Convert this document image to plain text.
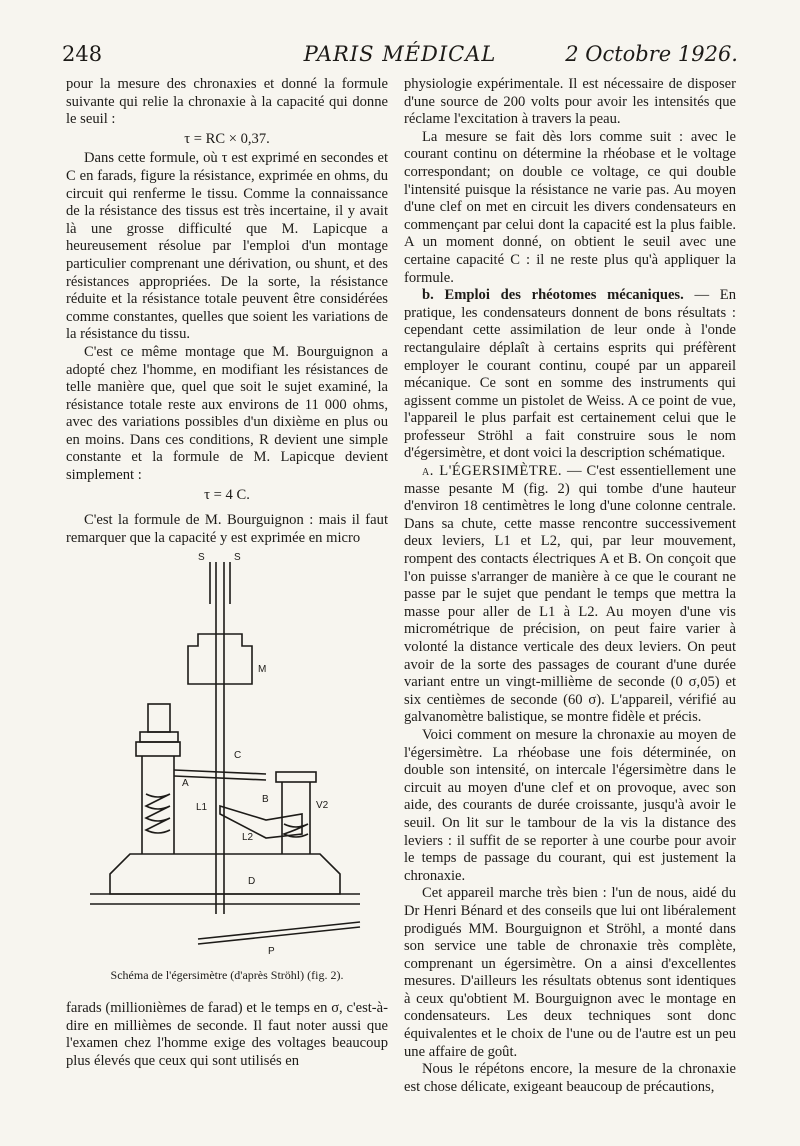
248	PARIS MÉDICAL	2 Octobre 1926.

pour la mesure des chronaxies et donné la formule suivante qui relie la chronaxie à la capacité qui donne le seuil :

τ = RC × 0,37.

Dans cette formule, où τ est exprimé en secondes et C en farads, figure la résistance, exprimée en ohms, du circuit qui renferme le tissu. Comme la connaissance de la résistance des tissus est très incertaine, il y avait là une grosse difficulté que M. Lapicque a heureusement résolue par l'emploi d'un montage particulier comprenant une dérivation, ou shunt, et des résistances appropriées. De la sorte, la résistance réduite et la résistance totale peuvent être considérées comme constantes, quelles que soient les variations de la résistance du tissu.

C'est ce même montage que M. Bourguignon a adopté chez l'homme, en modifiant les résistances de telle manière que, quel que soit le sujet examiné, la résistance totale reste aux environs de 11 000 ohms, avec des variations possibles d'un dixième en plus ou en moins. Dans ces conditions, R devient une simple constante et la formule de M. Lapicque devient simplement :

τ = 4 C.

C'est la formule de M. Bourguignon : mais il faut remarquer que la capacité y est exprimée en micro

S	S
M
C
A
B
L1
L2
V2
D
P
Schéma de l'égersimètre (d'après Ströhl) (fig. 2).

farads (millionièmes de farad) et le temps en σ, c'est-à-dire en millièmes de seconde. Il faut noter aussi que l'examen chez l'homme exige des voltages beaucoup plus élevés que ceux qui sont utilisés en

physiologie expérimentale. Il est nécessaire de disposer d'une source de 200 volts pour avoir les intensités que réclame l'excitation à travers la peau.

La mesure se fait dès lors comme suit : avec le courant continu on détermine la rhéobase et le voltage correspondant; on double ce voltage, ce qui double l'intensité puisque la résistance ne varie pas. Au moyen d'une clef on met en circuit les divers condensateurs en commençant par celui dont la capacité est la plus faible. A un moment donné, on obtient le seuil avec une certaine capacité C : il ne reste plus qu'à appliquer la formule.

b. Emploi des rhéotomes mécaniques. — En pratique, les condensateurs donnent de bons résultats : cependant cette assimilation de leur onde à l'onde rectangulaire déplaît à certains esprits qui préfèrent employer le courant continu, coupé par un appareil mécanique. Ce sont en somme des instruments qui agissent comme un pistolet de Weiss. A ce point de vue, l'appareil le plus parfait est certainement celui que le professeur Ströhl a fait construire sous le nom d'égersimètre, et dont voici la description schématique.

α. L'ÉGERSIMÈTRE. — C'est essentiellement une masse pesante M (fig. 2) qui tombe d'une hauteur d'environ 18 centimètres le long d'une colonne centrale. Dans sa chute, cette masse rencontre successivement deux leviers, L1 et L2, qui, par leur mouvement, rompent des contacts électriques A et B. On conçoit que l'on puisse s'arranger de manière à ce que le courant ne passe par le sujet que pendant le temps que mettra la masse pour aller de L1 à L2. Au moyen d'une vis micrométrique de précision, on peut faire varier à volonté la distance verticale des deux leviers. On peut avoir de la sorte des passages de courant d'une durée variant entre un vingt-millième de seconde (0 σ,05) et six centièmes de seconde (60 σ). L'appareil, vérifié au galvanomètre balistique, se montre fidèle et précis.

Voici comment on mesure la chronaxie au moyen de l'égersimètre. La rhéobase une fois déterminée, on double son intensité, on intercale l'égersimètre dans le circuit au moyen d'une clef et on provoque, avec son aide, des courants de durée croissante, jusqu'à avoir le seuil. On lit sur le tambour de la vis la distance des leviers : il suffit de se reporter à une courbe pour avoir le temps de passage du courant, qui est justement la chronaxie.

Cet appareil marche très bien : l'un de nous, aidé du Dr Henri Bénard et des conseils que lui ont libéralement prodigués MM. Bourguignon et Ströhl, a monté dans son service une table de chronaxie très complète, comprenant un égersimètre. On a ainsi d'excellentes mesures. D'ailleurs les résultats obtenus sont identiques à ceux qu'obtient M. Bourguignon avec le montage en condensateurs. Les deux techniques sont donc équivalentes et le choix de l'une ou de l'autre est un peu une affaire de goût.

Nous le répétons encore, la mesure de la chronaxie est chose délicate, exigeant beaucoup de précautions,
